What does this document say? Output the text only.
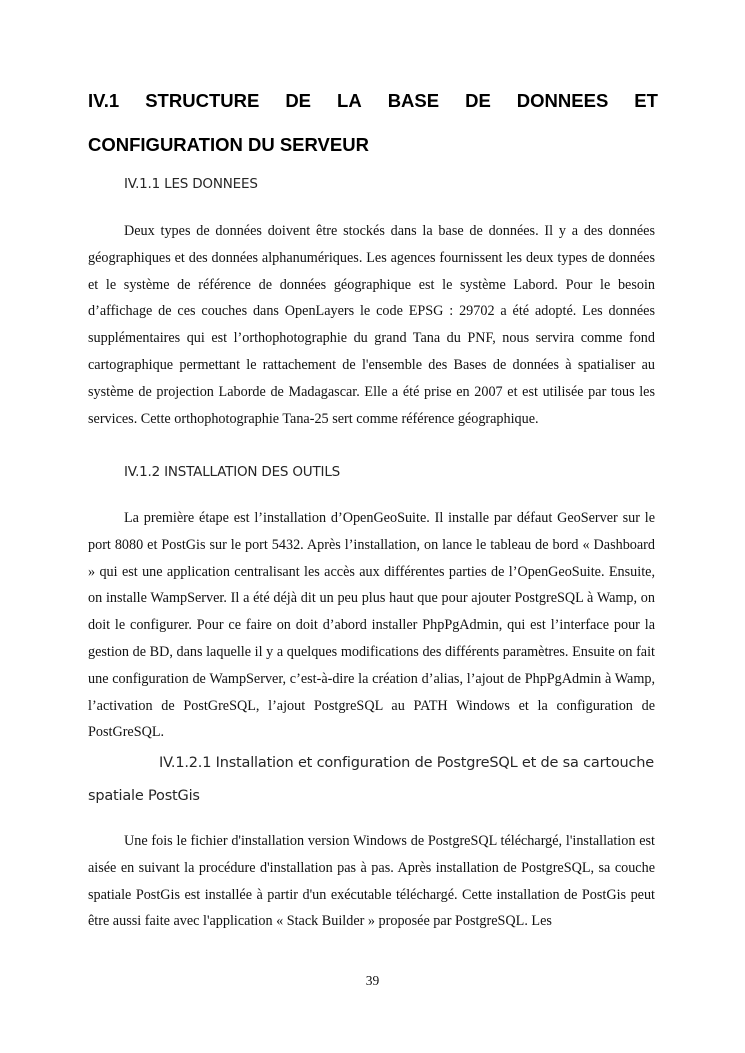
IV.1 STRUCTURE DE LA BASE DE DONNEES ET
CONFIGURATION DU SERVEUR
IV.1.1 LES DONNEES

Deux types de données doivent être stockés dans la base de données. Il y a des données géographiques et des données alphanumériques. Les agences fournissent les deux types de données et le système de référence de données géographique est le système Labord. Pour le besoin d’affichage de ces couches dans OpenLayers le code EPSG : 29702 a été adopté. Les données supplémentaires qui est l’orthophotographie du grand Tana du PNF, nous servira comme fond cartographique permettant le rattachement de l'ensemble des Bases de données à spatialiser au système de projection Laborde de Madagascar. Elle a été prise en 2007 et est utilisée par tous les services. Cette orthophotographie Tana-25 sert comme référence géographique.

IV.1.2 INSTALLATION DES OUTILS

La première étape est l’installation d’OpenGeoSuite. Il installe par défaut GeoServer sur le port 8080 et PostGis sur le port 5432. Après l’installation, on lance le tableau de bord « Dashboard » qui est une application centralisant les accès aux différentes parties de l’OpenGeoSuite. Ensuite, on installe WampServer. Il a été déjà dit un peu plus haut que pour ajouter PostgreSQL à Wamp, on doit le configurer. Pour ce faire on doit d’abord installer PhpPgAdmin, qui est l’interface pour la gestion de BD, dans laquelle il y a quelques modifications des différents paramètres. Ensuite on fait une configuration de WampServer, c’est-à-dire la création d’alias, l’ajout de PhpPgAdmin à Wamp, l’activation de PostGreSQL, l’ajout PostgreSQL au PATH Windows et la configuration de PostGreSQL.

IV.1.2.1 Installation et configuration de PostgreSQL et de sa cartouche
spatiale PostGis

Une fois le fichier d'installation version Windows de PostgreSQL téléchargé, l'installation est aisée en suivant la procédure d'installation pas à pas. Après installation de PostgreSQL, sa couche spatiale PostGis est installée à partir d'un exécutable téléchargé. Cette installation de PostGis peut être aussi faite avec l'application « Stack Builder » proposée par PostgreSQL. Les

39
